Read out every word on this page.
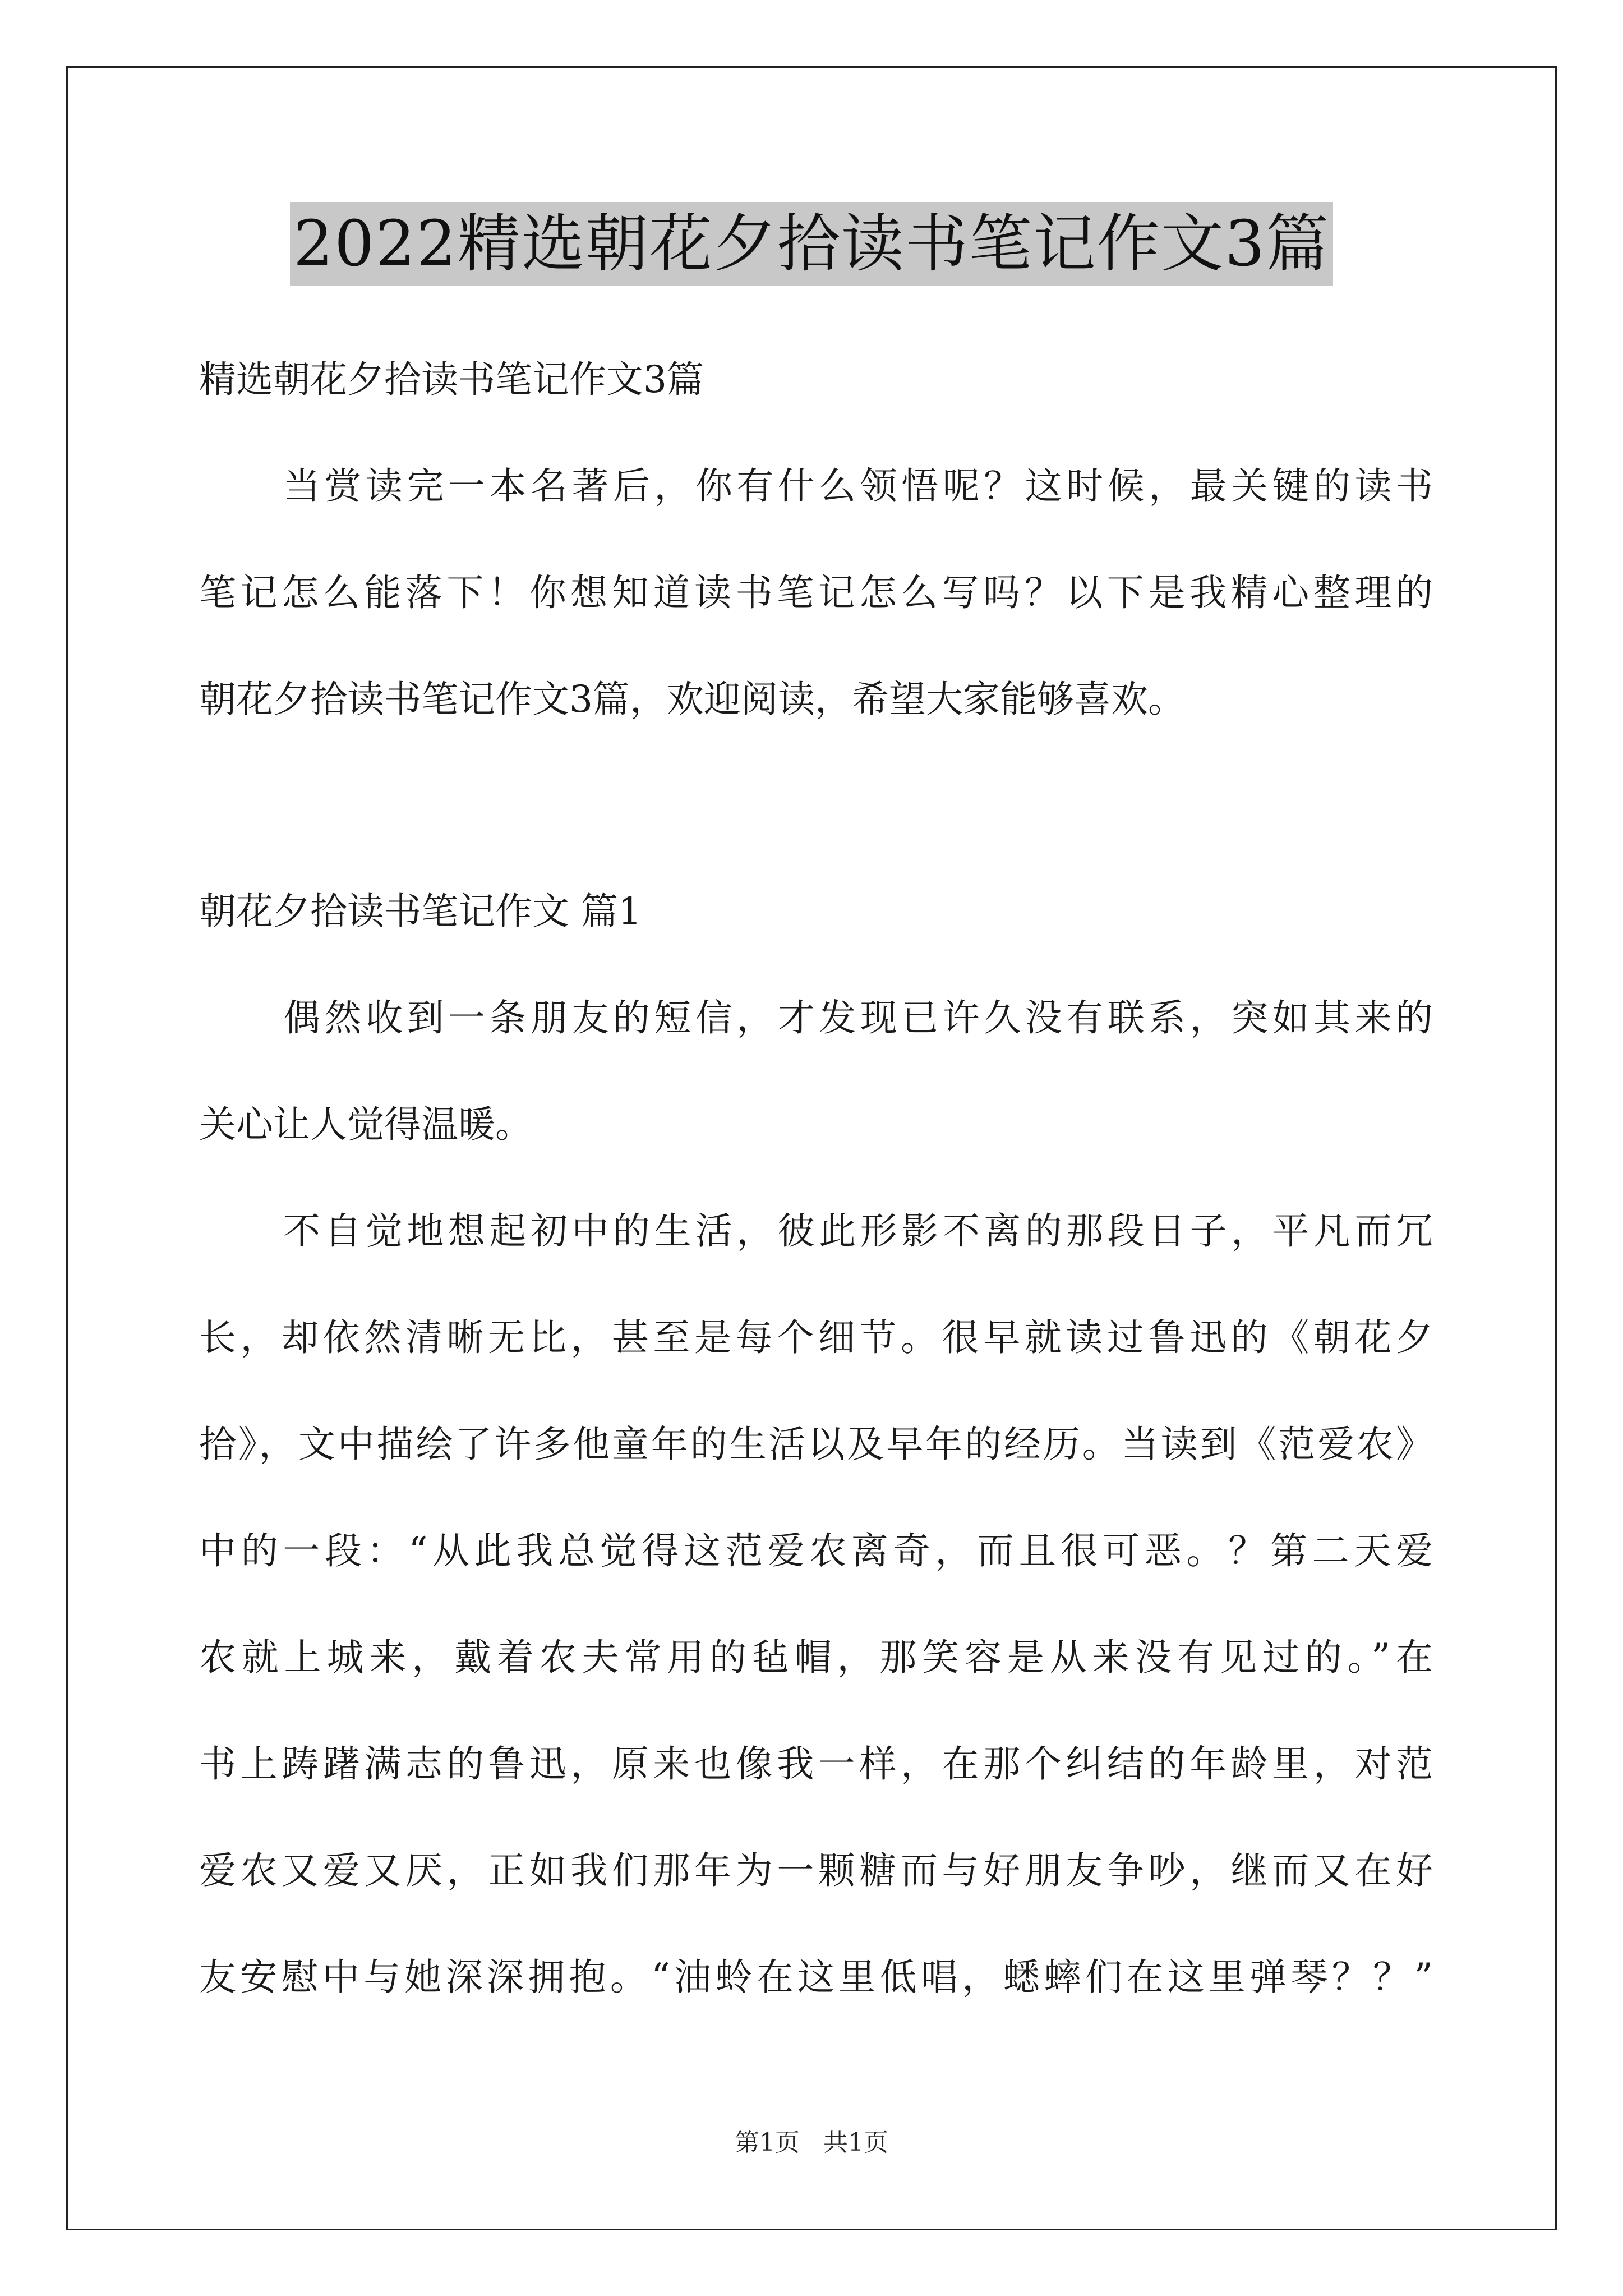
2022精选朝花夕拾读书笔记作文3篇
精选朝花夕拾读书笔记作文3篇
当赏读完一本名著后，你有什么领悟呢？这时候，最关键的读书
笔记怎么能落下！你想知道读书笔记怎么写吗？以下是我精心整理的
朝花夕拾读书笔记作文3篇，欢迎阅读，希望大家能够喜欢。
朝花夕拾读书笔记作文 篇1
偶然收到一条朋友的短信，才发现已许久没有联系，突如其来的
关心让人觉得温暖。
不自觉地想起初中的生活，彼此形影不离的那段日子，平凡而冗
长，却依然清晰无比，甚至是每个细节。很早就读过鲁迅的《朝花夕
拾》，文中描绘了许多他童年的生活以及早年的经历。当读到《范爱农》
中的一段：“从此我总觉得这范爱农离奇，而且很可恶。？第二天爱
农就上城来，戴着农夫常用的毡帽，那笑容是从来没有见过的。”在
书上踌躇满志的鲁迅，原来也像我一样，在那个纠结的年龄里，对范
爱农又爱又厌，正如我们那年为一颗糖而与好朋友争吵，继而又在好
友安慰中与她深深拥抱。“油蛉在这里低唱，蟋蟀们在这里弹琴？？”
第1页 共1页
